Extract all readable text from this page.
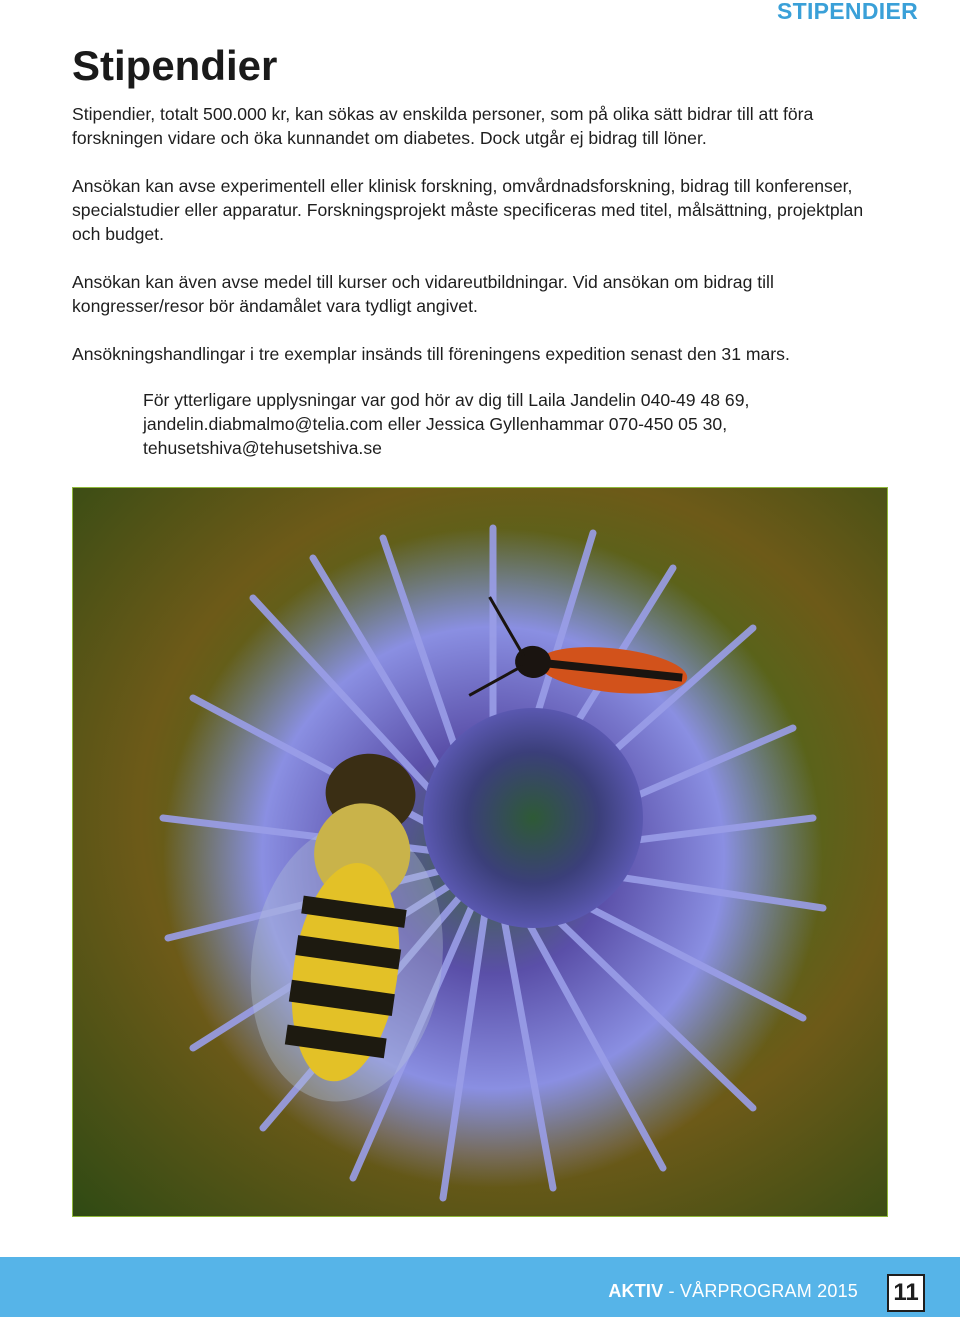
STIPENDIER
Stipendier

Stipendier, totalt 500.000 kr, kan sökas av enskilda personer, som på olika sätt bidrar till att föra forskningen vidare och öka kunnandet om diabetes. Dock utgår ej bidrag till löner.

Ansökan kan avse experimentell eller klinisk forskning, omvårdnadsforskning, bidrag till konferenser, specialstudier eller apparatur. Forskningsprojekt måste specificeras med titel, målsättning, projektplan och budget.

Ansökan kan även avse medel till kurser och vidareutbildningar. Vid ansökan om bidrag till kongresser/resor bör ändamålet vara tydligt angivet.

Ansökningshandlingar i tre exemplar insänds till föreningens expedition senast den 31 mars.

För ytterligare upplysningar var god hör av dig till Laila Jandelin 040-49 48 69,
jandelin.diabmalmo@telia.com eller Jessica Gyllenhammar 070-450 05 30,
tehusetshiva@tehusetshiva.se
AKTIV - VÅRPROGRAM 2015 11
